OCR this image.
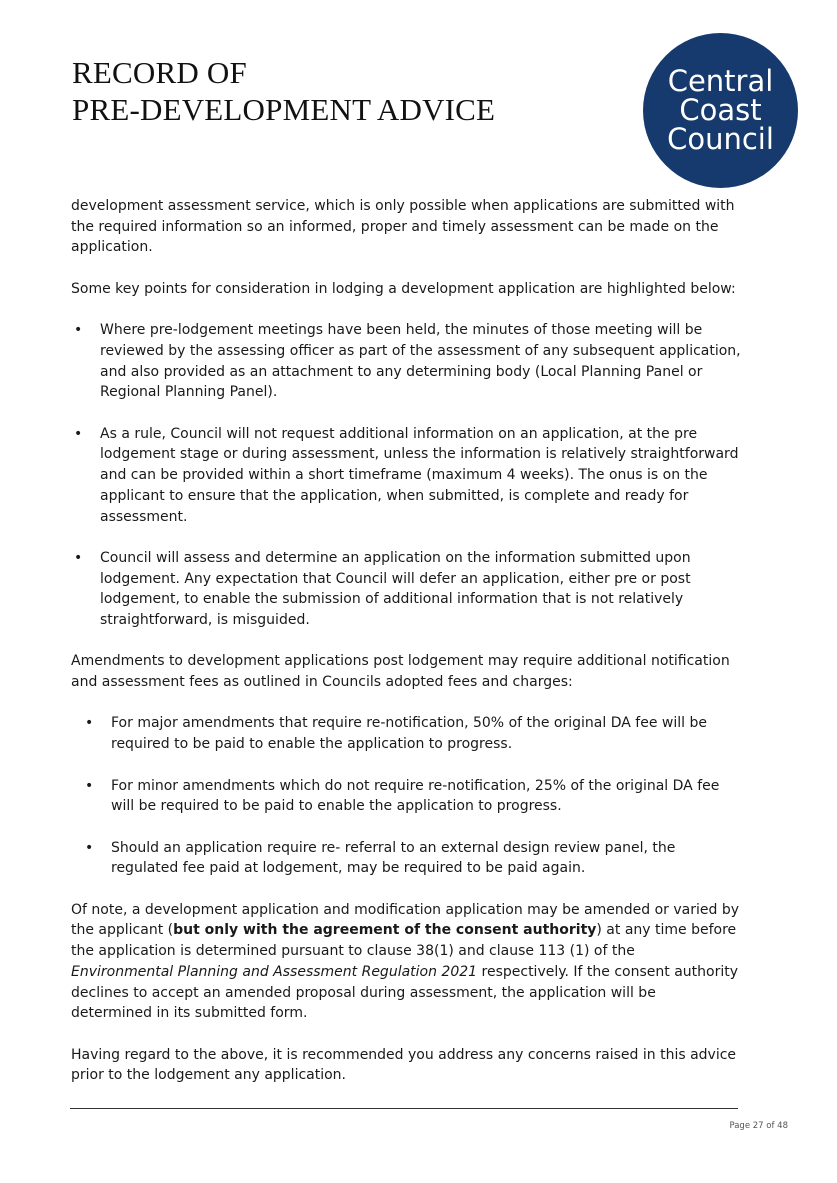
RECORD OF
PRE-DEVELOPMENT ADVICE
Central
Coast
Council

development assessment service, which is only possible when applications are submitted with the required information so an informed, proper and timely assessment can be made on the application.

Some key points for consideration in lodging a development application are highlighted below:

• Where pre-lodgement meetings have been held, the minutes of those meeting will be reviewed by the assessing officer as part of the assessment of any subsequent application, and also provided as an attachment to any determining body (Local Planning Panel or Regional Planning Panel).
• As a rule, Council will not request additional information on an application, at the pre lodgement stage or during assessment, unless the information is relatively straightforward and can be provided within a short timeframe (maximum 4 weeks). The onus is on the applicant to ensure that the application, when submitted, is complete and ready for assessment.
• Council will assess and determine an application on the information submitted upon lodgement. Any expectation that Council will defer an application, either pre or post lodgement, to enable the submission of additional information that is not relatively straightforward, is misguided.

Amendments to development applications post lodgement may require additional notification and assessment fees as outlined in Councils adopted fees and charges:

• For major amendments that require re-notification, 50% of the original DA fee will be required to be paid to enable the application to progress.
• For minor amendments which do not require re-notification, 25% of the original DA fee will be required to be paid to enable the application to progress.
• Should an application require re- referral to an external design review panel, the regulated fee paid at lodgement, may be required to be paid again.

Of note, a development application and modification application may be amended or varied by the applicant (but only with the agreement of the consent authority) at any time before the application is determined pursuant to clause 38(1) and clause 113 (1) of the Environmental Planning and Assessment Regulation 2021 respectively. If the consent authority declines to accept an amended proposal during assessment, the application will be determined in its submitted form.

Having regard to the above, it is recommended you address any concerns raised in this advice prior to the lodgement any application.

Page 27 of 48
